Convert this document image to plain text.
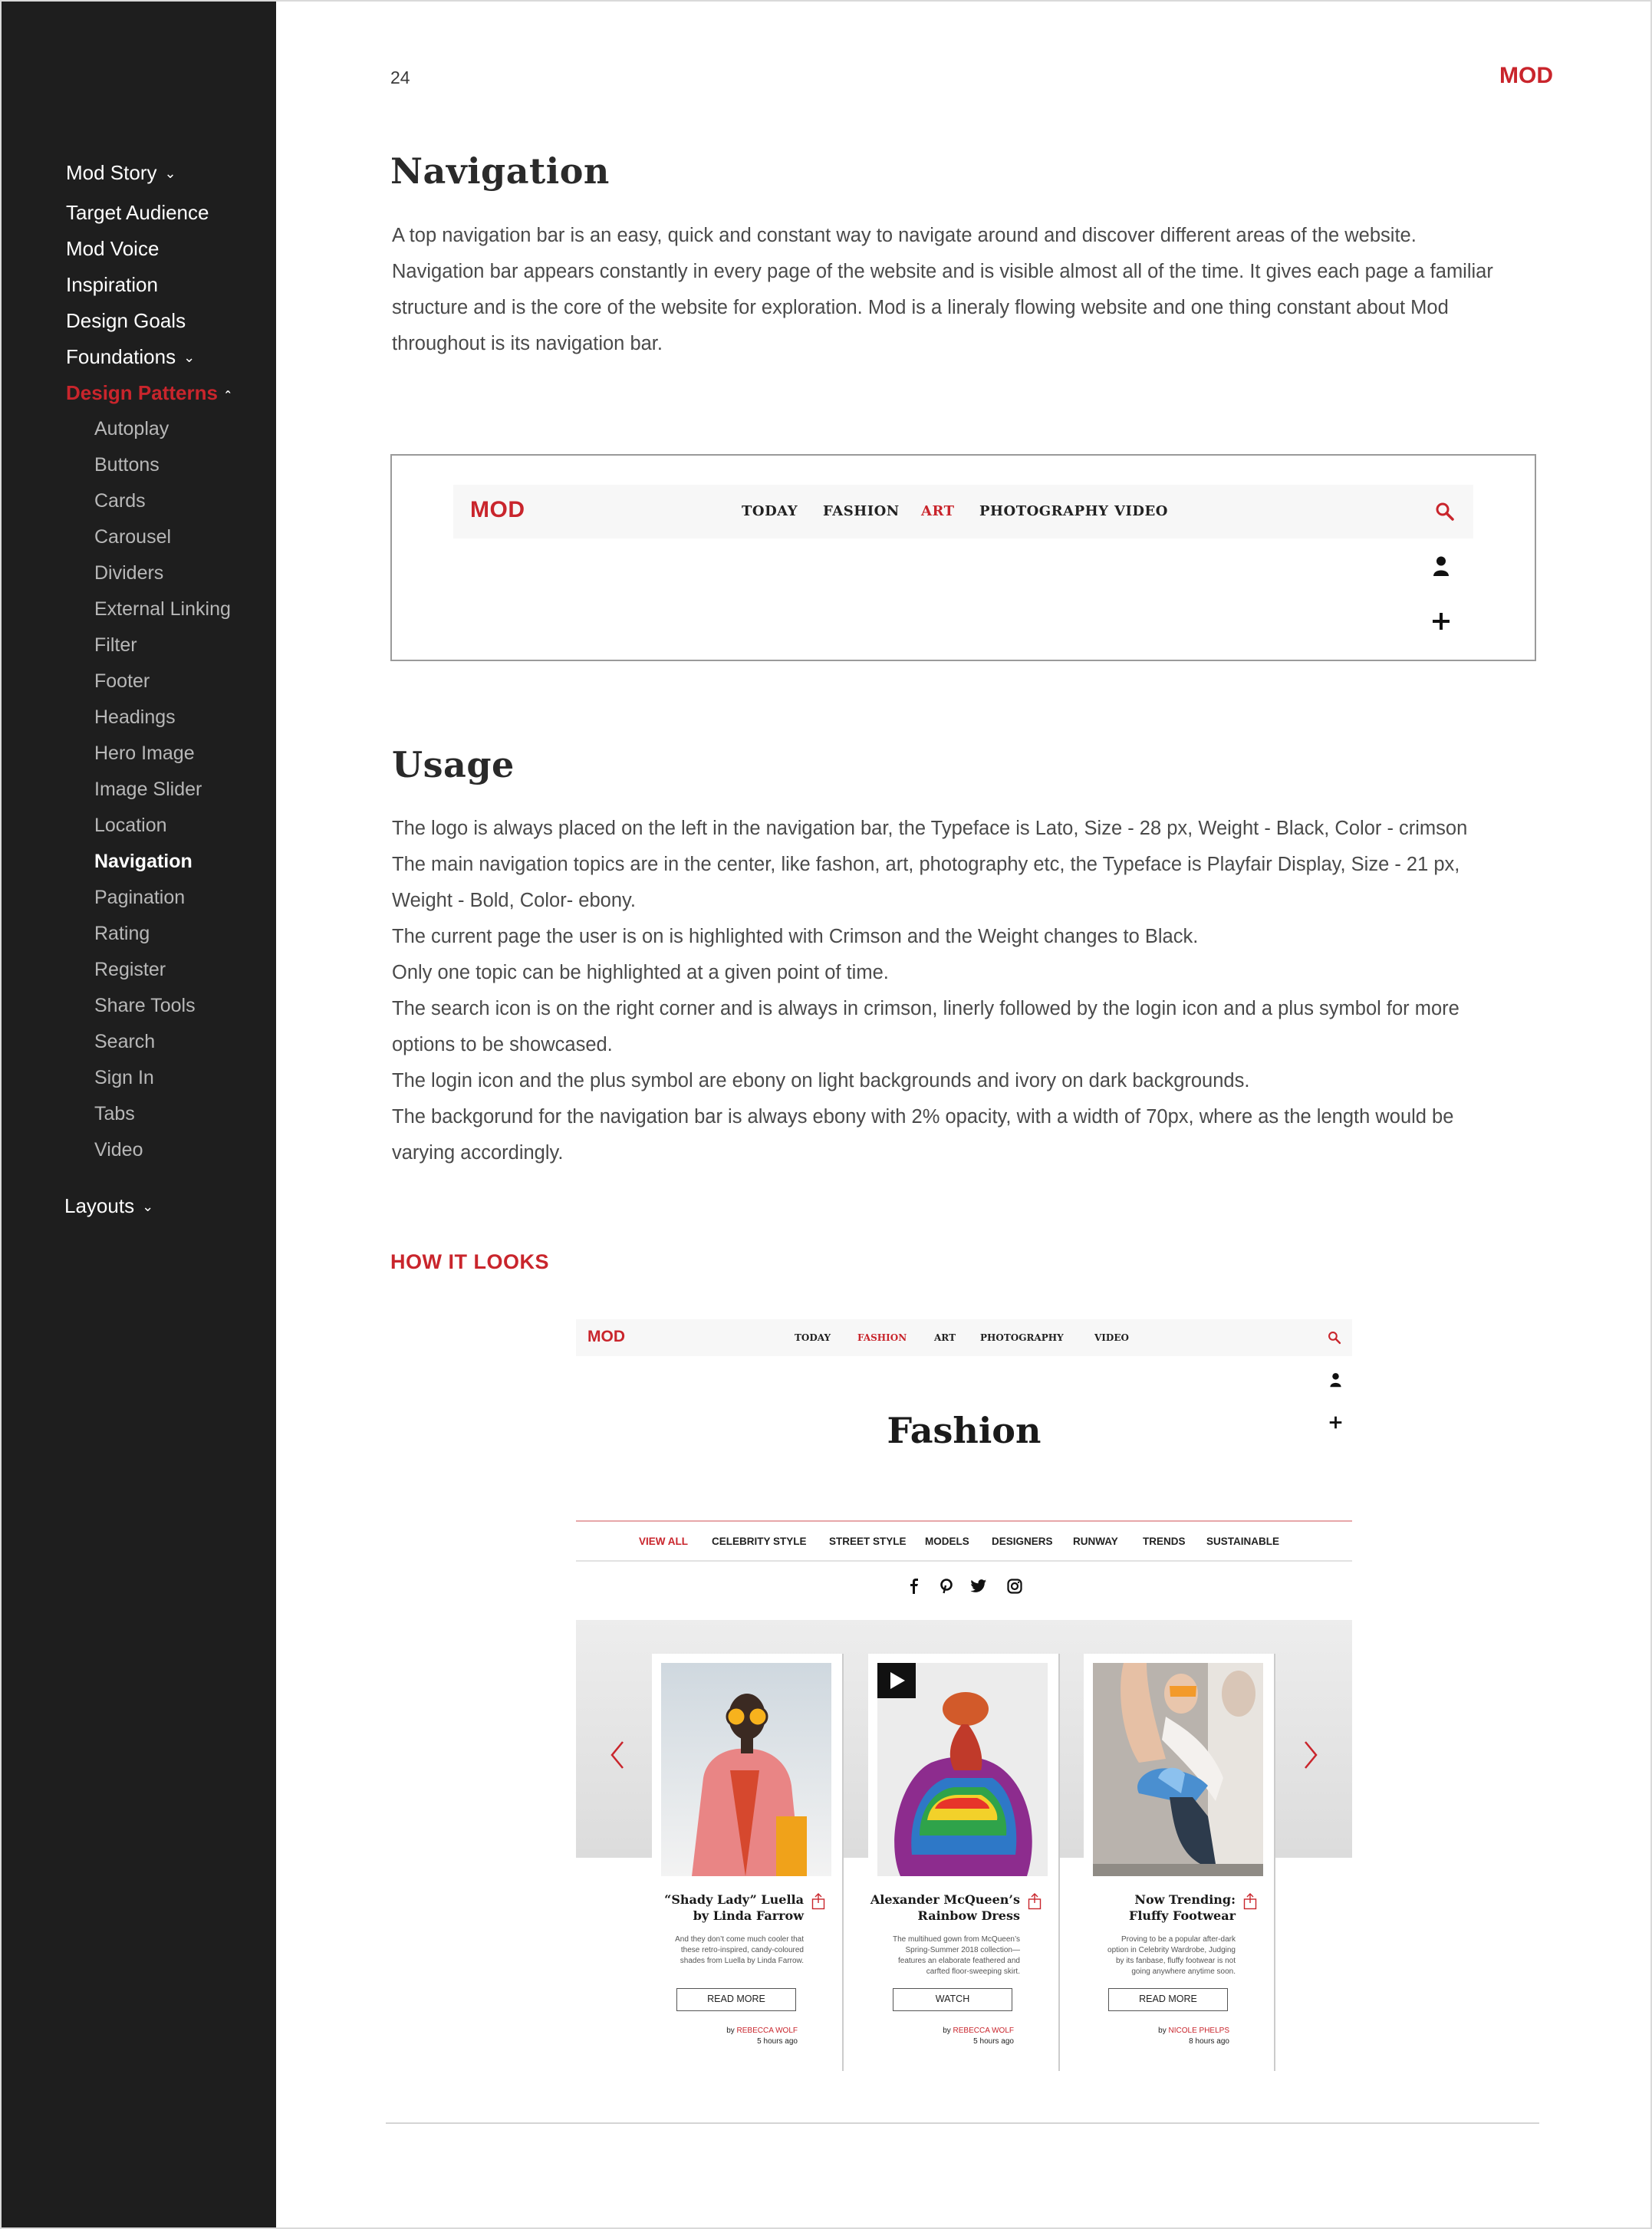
Mod Story ⌄
Target Audience
Mod Voice
Inspiration
Design Goals
Foundations ⌄
Design Patterns ˆ
Autoplay
Buttons
Cards
Carousel
Dividers
External Linking
Filter
Footer
Headings
Hero Image
Image Slider
Location
Navigation
Pagination
Rating
Register
Share Tools
Search
Sign In
Tabs
Video
Layouts ⌄
24	MOD
Navigation

A top navigation bar is an easy, quick and constant way to navigate around and discover different areas of the website.

Navigation bar appears constantly in every page of the website and is visible almost all of the time. It gives each page a familiar

structure and is the core of the website for exploration. Mod is a lineraly flowing website and one thing constant about Mod

throughout is its navigation bar.

MOD	TODAY FASHION ART PHOTOGRAPHY VIDEO
Usage

The logo is always placed on the left in the navigation bar, the Typeface is Lato, Size - 28 px, Weight - Black, Color - crimson

The main navigation topics are in the center, like fashon, art, photography etc, the Typeface is Playfair Display, Size - 21 px,

Weight - Bold, Color- ebony.

The current page the user is on is highlighted with Crimson and the Weight changes to Black.

Only one topic can be highlighted at a given point of time.

The search icon is on the right corner and is always in crimson, linerly followed by the login icon and a plus symbol for more

options to be showcased.

The login icon and the plus symbol are ebony on light backgrounds and ivory on dark backgrounds.

The backgorund for the navigation bar is always ebony with 2% opacity, with a width of 70px, where as the length would be

varying accordingly.

HOW IT LOOKS
MOD	TODAY	FASHION	ART	PHOTOGRAPHY	VIDEO
Fashion
VIEW ALL CELEBRITY STYLE STREET STYLE MODELS DESIGNERS RUNWAY TRENDS SUSTAINABLE
“Shady Lady” Luella
by Linda Farrow
And they don’t come much cooler that
these retro-inspired, candy-coloured
shades from Luella by Linda Farrow.
READ MORE
by REBECCA WOLF
5 hours ago
Alexander McQueen’s
Rainbow Dress
The multihued gown from McQueen’s
Spring-Summer 2018 collection—
features an elaborate feathered and
carfted floor-sweeping skirt.
WATCH
by REBECCA WOLF
5 hours ago
Now Trending:
Fluffy Footwear
Proving to be a popular after-dark
option in Celebrity Wardrobe, Judging
by its fanbase, fluffy footwear is not
going anywhere anytime soon.
READ MORE
by NICOLE PHELPS
8 hours ago
